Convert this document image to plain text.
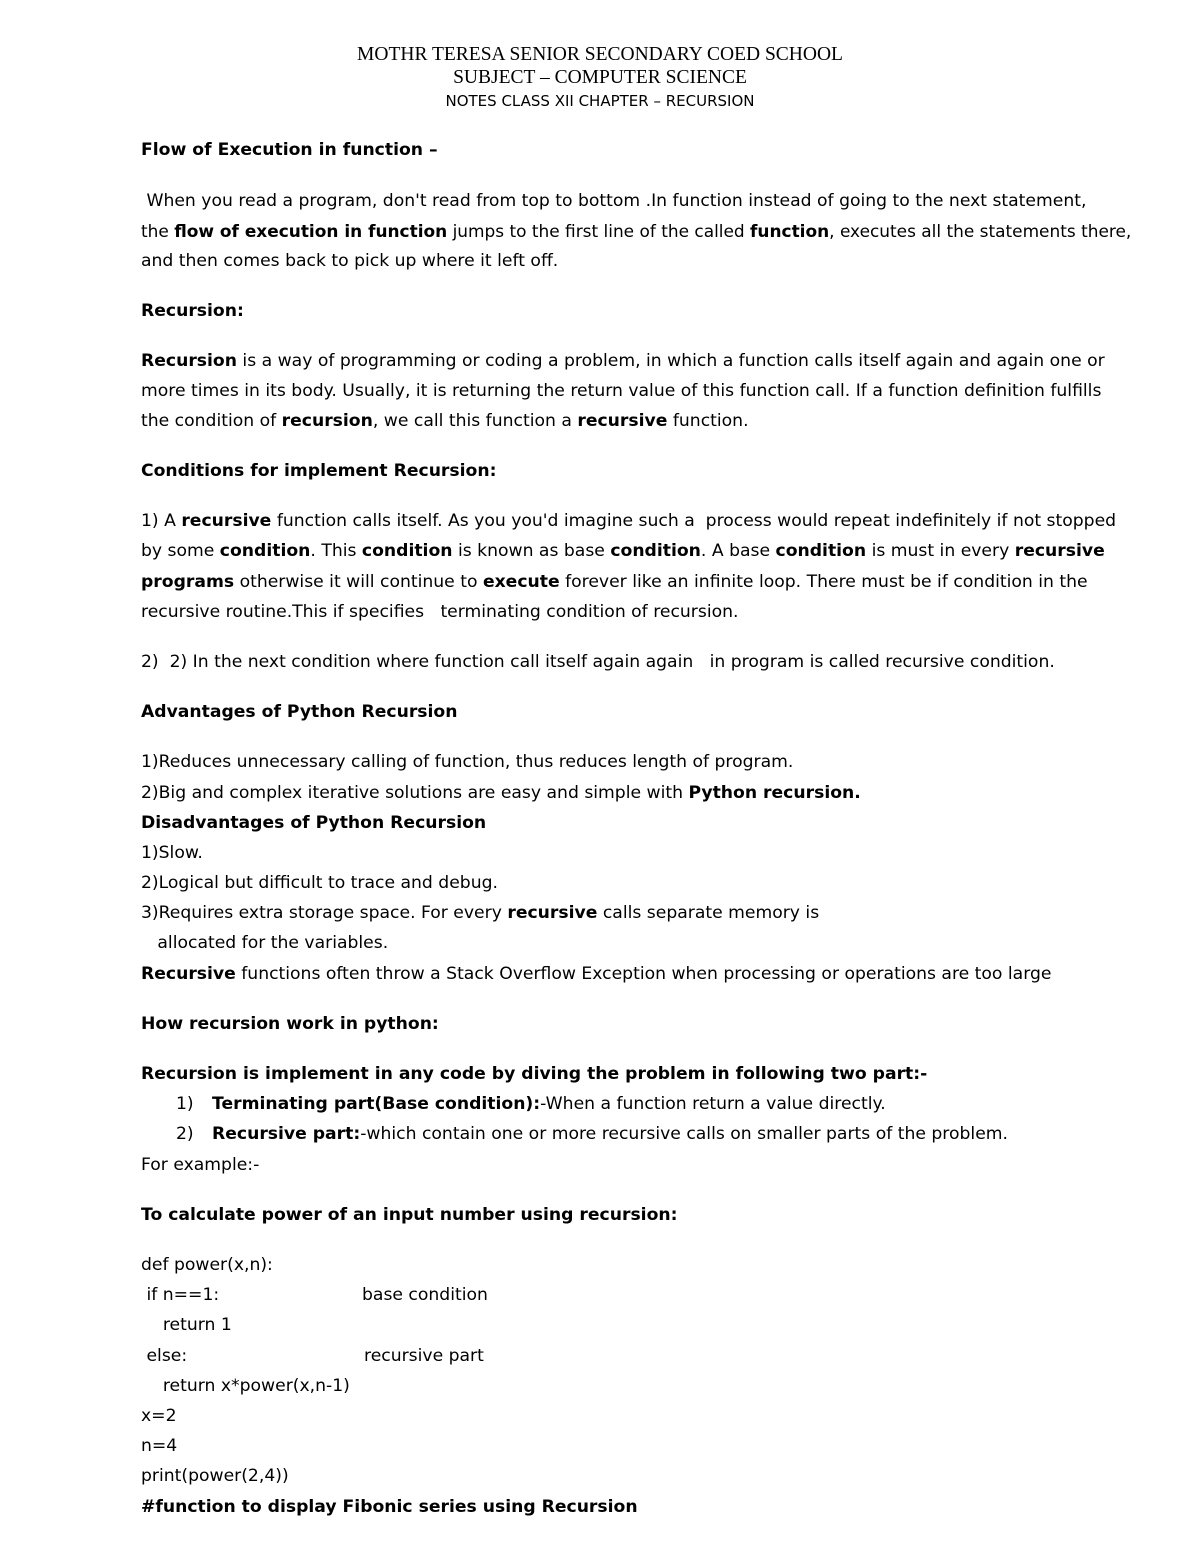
MOTHR TERESA SENIOR SECONDARY COED SCHOOL
SUBJECT – COMPUTER SCIENCE
NOTES CLASS XII CHAPTER – RECURSION
Flow of Execution in function –
When you read a program, don't read from top to bottom .In function instead of going to the next statement,
the flow of execution in function jumps to the first line of the called function, executes all the statements there,
and then comes back to pick up where it left off.
Recursion:
Recursion is a way of programming or coding a problem, in which a function calls itself again and again one or
more times in its body. Usually, it is returning the return value of this function call. If a function definition fulfills
the condition of recursion, we call this function a recursive function.
Conditions for implement Recursion:
1) A recursive function calls itself. As you you'd imagine such a  process would repeat indefinitely if not stopped
by some condition. This condition is known as base condition. A base condition is must in every recursive
programs otherwise it will continue to execute forever like an infinite loop. There must be if condition in the
recursive routine.This if specifies   terminating condition of recursion.
2)  2) In the next condition where function call itself again again   in program is called recursive condition.
Advantages of Python Recursion
1)Reduces unnecessary calling of function, thus reduces length of program.
2)Big and complex iterative solutions are easy and simple with Python recursion.
Disadvantages of Python Recursion
1)Slow.
2)Logical but difficult to trace and debug.
3)Requires extra storage space. For every recursive calls separate memory is
allocated for the variables.
Recursive functions often throw a Stack Overflow Exception when processing or operations are too large
How recursion work in python:
Recursion is implement in any code by diving the problem in following two part:-
1) Terminating part(Base condition):-When a function return a value directly.
2) Recursive part:-which contain one or more recursive calls on smaller parts of the problem.
For example:-
To calculate power of an input number using recursion:
def power(x,n):
if n==1:	base condition
return 1
else:	recursive part
return x*power(x,n-1)
x=2
n=4
print(power(2,4))
#function to display Fibonic series using Recursion
